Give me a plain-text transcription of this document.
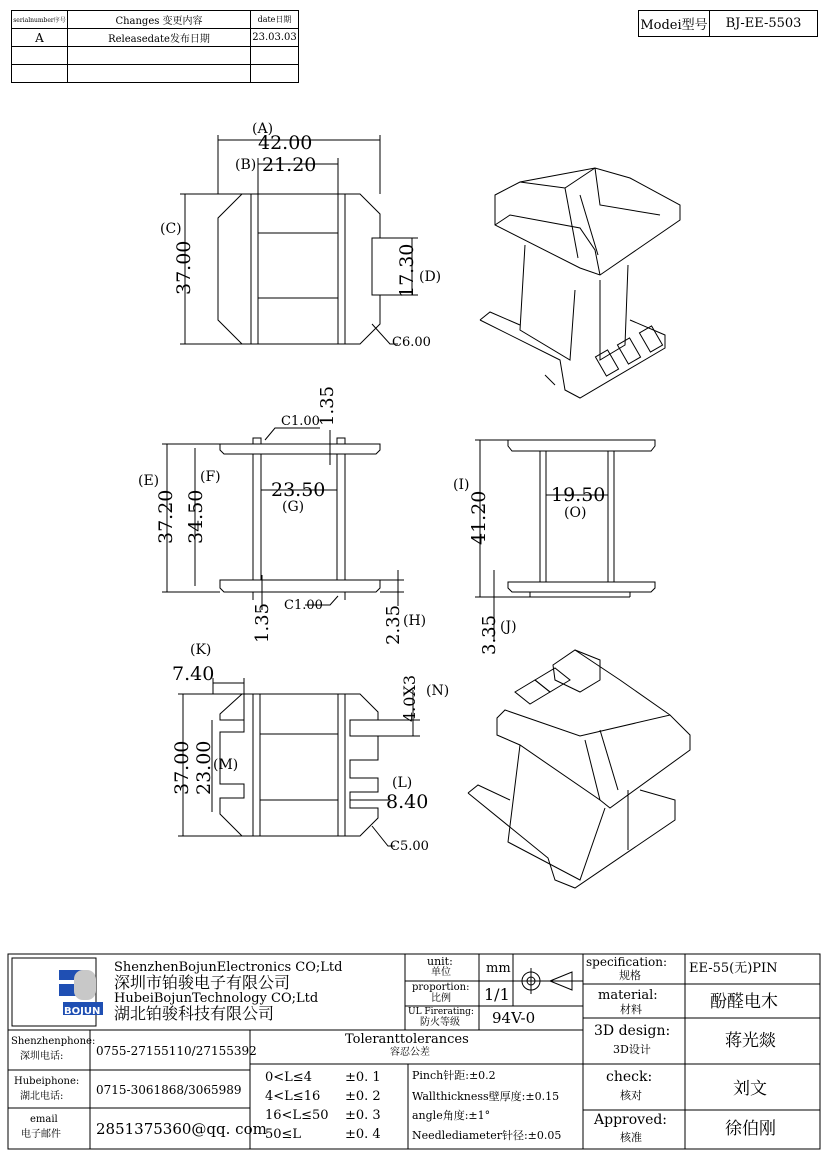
serialnumber序号	Changes 变更内容	date日期
A	Releasedate发布日期	23.03.03

Modei型号	BJ-EE-5503
(A)
42.00
(B) 21.20
(C)
37.00	17.30 (D)
C6.00
C1.00
1.35
(E)
37.20
(F)
34.50	23.50
(G)
1.35 C1.00	2.35 (H)
(I)
41.20	19.50
(O)
3.35 (J)
(K)
7.40
4.0X3 (N)
37.00 23.00
(M)
(L)
8.40
C5.00
BOJUN
ShenzhenBojunElectronics CO;Ltd
深圳市铂骏电子有限公司
HubeiBojunTechnology CO;Ltd
湖北铂骏科技有限公司
unit:
单位	mm
proportion:
比例 1/1
UL Firerating:
防火等级 94V-0
specification:
规格	EE-55(无)PIN
material:
材料	酚醛电木
3D design:
3D设计	蒋光燚
check:
核对	刘文
Approved:
核准	徐伯刚
Shenzhenphone:
深圳电话:	0755-27155110/27155392
Hubeiphone:
湖北电话:	0715-3061868/3065989
email
电子邮件 2851375360@qq. com
Toleranttolerances
容忍公差
0<L≤4	±0. 1
4<L≤16 ±0. 2
16<L≤50 ±0. 3
50≤L	±0. 4
Pinch针距:±0.2
Wallthickness壁厚度:±0.15
angle角度:±1°
Needlediameter针径:±0.05
